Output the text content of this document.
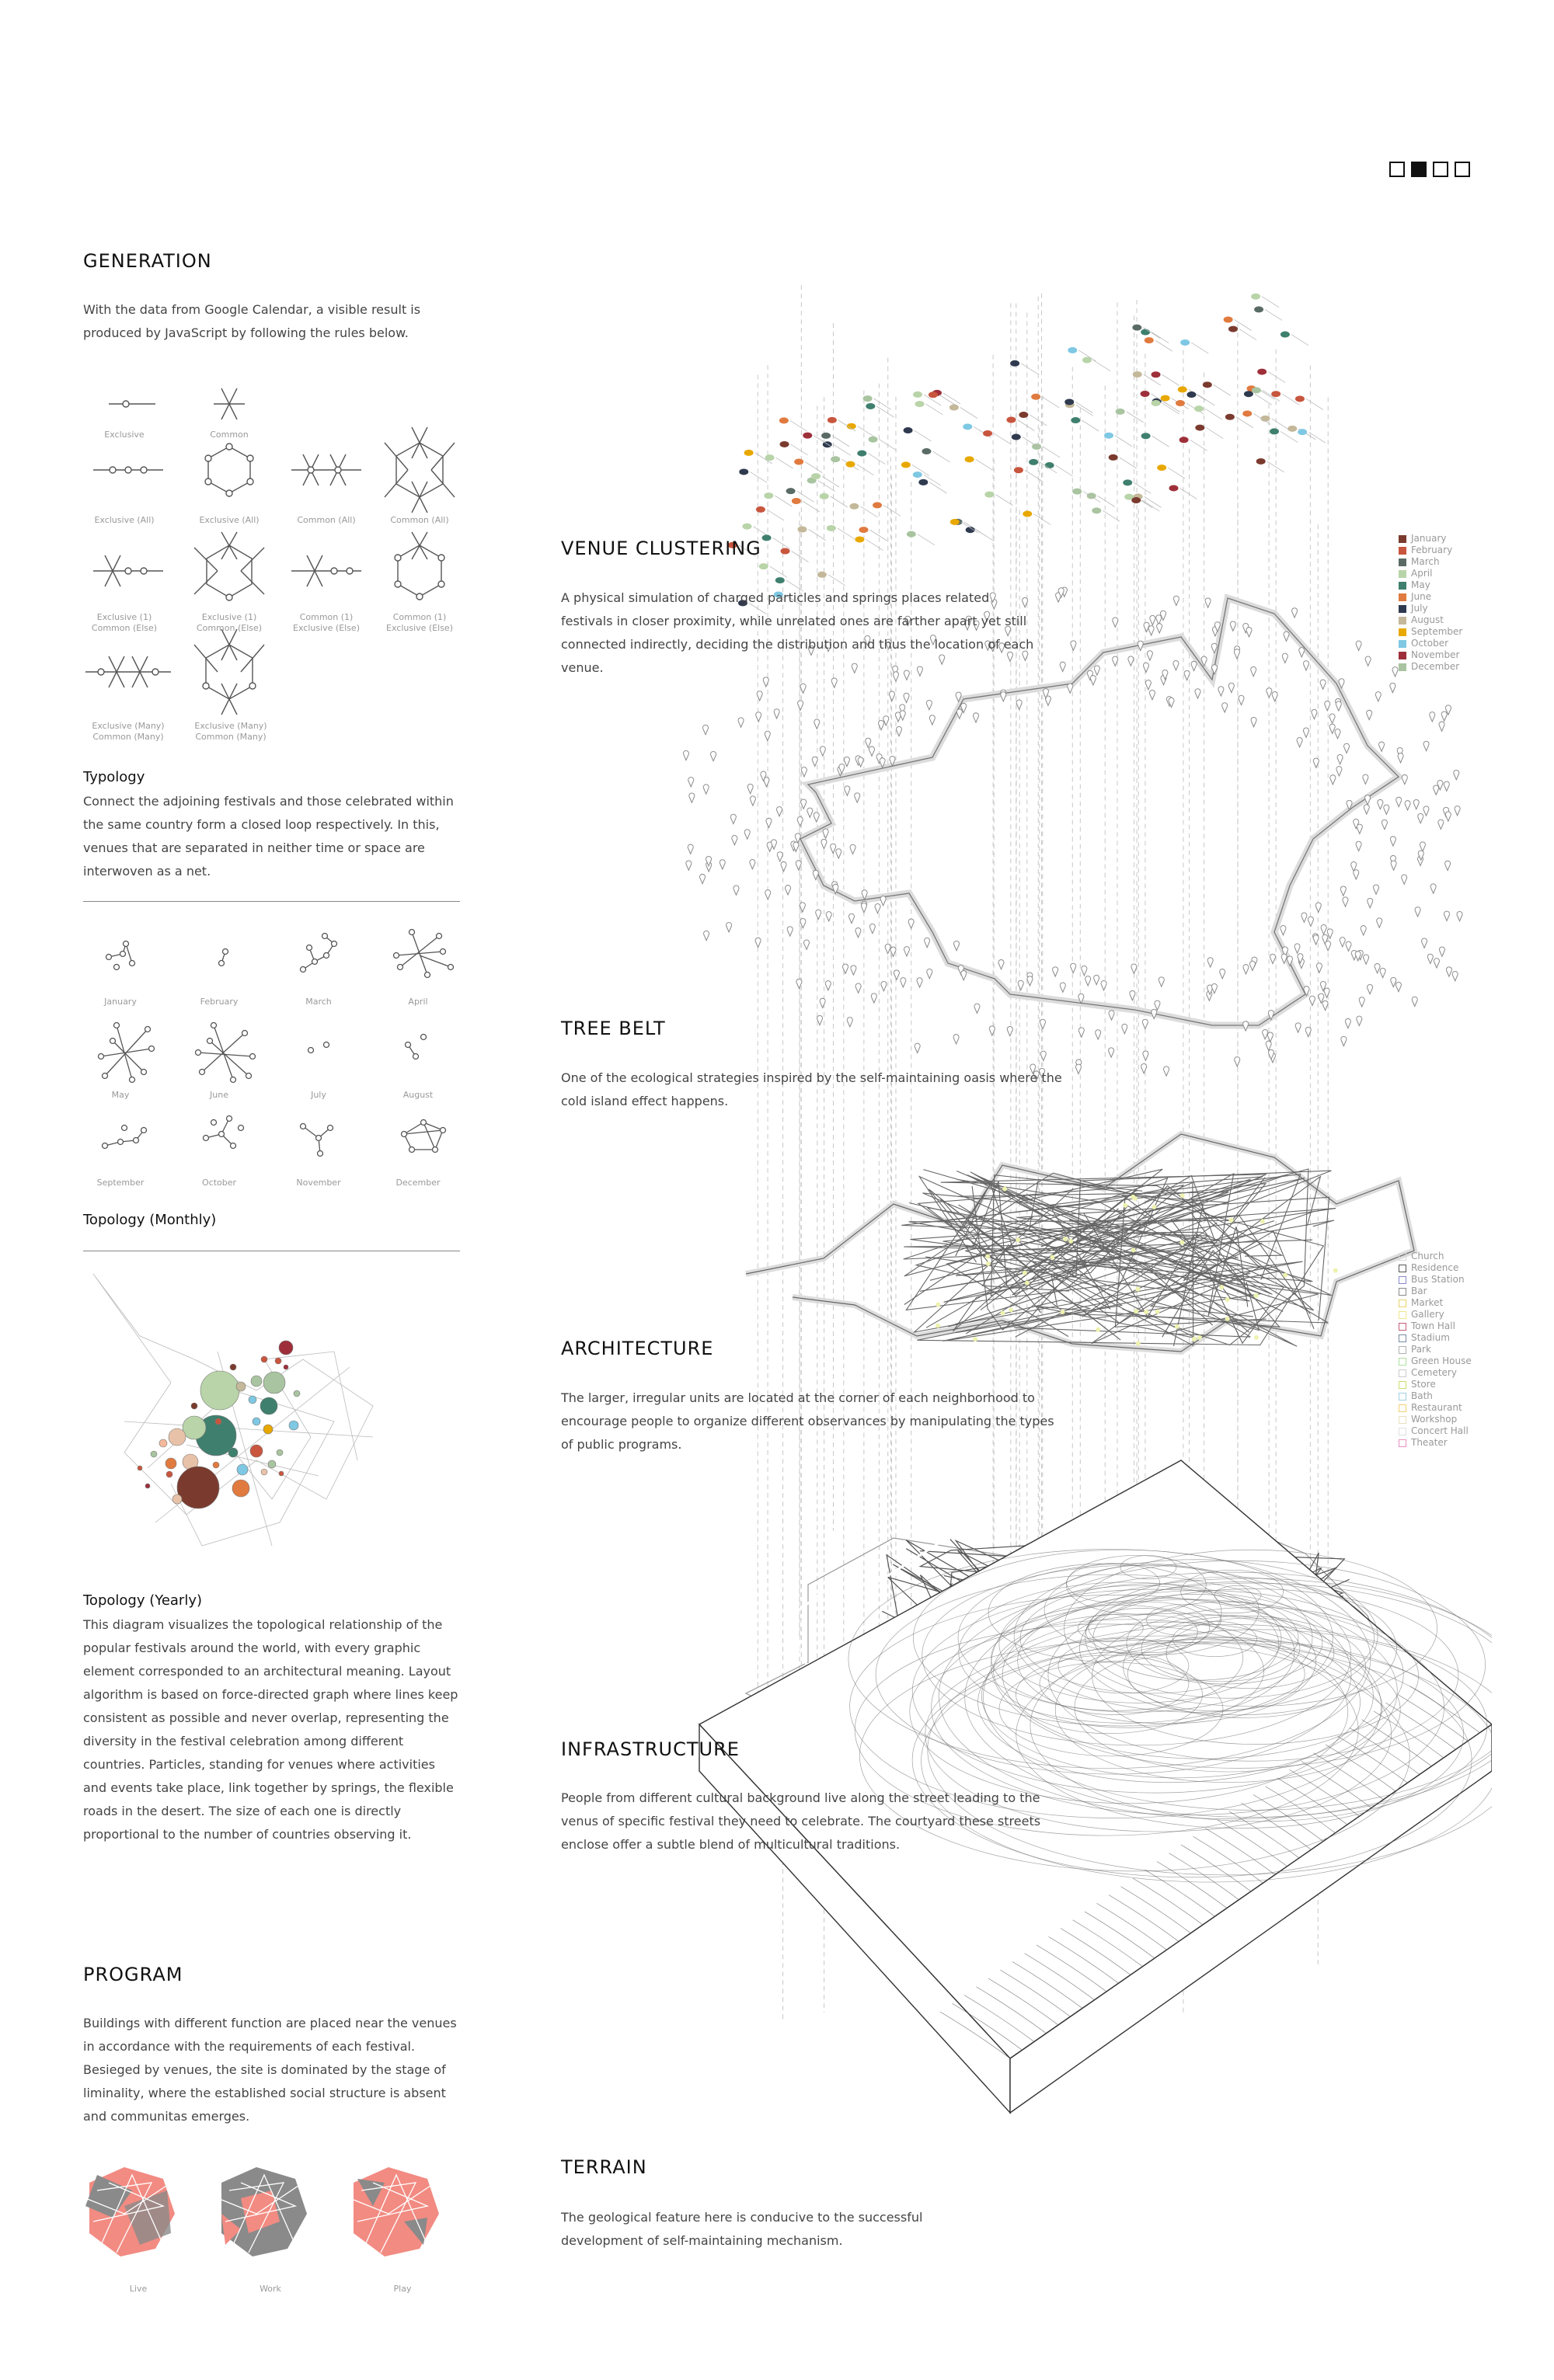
GENERATION
With the data from Google Calendar, a visible result is produced by JavaScript by following the rules below.
Exclusive	Common
Exclusive (All)	Exclusive (All)	Common (All)	Common (All)
Exclusive (1)
Common (Else)
Exclusive (1)
Common (Else)
Common (1)
Exclusive (Else)
Common (1)
Exclusive (Else)
Exclusive (Many)
Common (Many)
Exclusive (Many)
Common (Many)
Typology
Connect the adjoining festivals and those celebrated within the same country form a closed loop respectively. In this, venues that are separated in neither time or space are interwoven as a net.
January	February	March	April
May	June	July	August
September	October	November	December
Topology (Monthly)
Topology (Yearly)
This diagram visualizes the topological relationship of the popular festivals around the world, with every graphic element corresponded to an architectural meaning. Layout algorithm is based on force-directed graph where lines keep consistent as possible and never overlap, representing the diversity in the festival celebration among different countries. Particles, standing for venues where activities and events take place, link together by springs, the flexible roads in the desert. The size of each one is directly proportional to the number of countries observing it.
PROGRAM
Buildings with different function are placed near the venues in accordance with the requirements of each festival. Besieged by venues, the site is dominated by the stage of liminality, where the established social structure is absent and communitas emerges.
Live	Work	Play
VENUE CLUSTERING
A physical simulation of charged particles and springs places related festivals in closer proximity, while unrelated ones are farther apart yet still connected indirectly, deciding the distribution and thus the location of each venue.
TREE BELT
One of the ecological strategies inspired by the self-maintaining oasis where the cold island effect happens.
ARCHITECTURE
The larger, irregular units are located at the corner of each neighborhood to encourage people to organize different observances by manipulating the types of public programs.
INFRASTRUCTURE
People from different cultural background live along the street leading to the venus of specific festival they need to celebrate. The courtyard these streets enclose offer a subtle blend of multicultural traditions.
TERRAIN
The geological feature here is conducive to the successful development of self-maintaining mechanism.
January
February
March
April
May
June
July
August
September
October
November
December
Church
Residence
Bus Station
Bar
Market
Gallery
Town Hall
Stadium
Park
Green House
Cemetery
Store
Bath
Restaurant
Workshop
Concert Hall
Theater
